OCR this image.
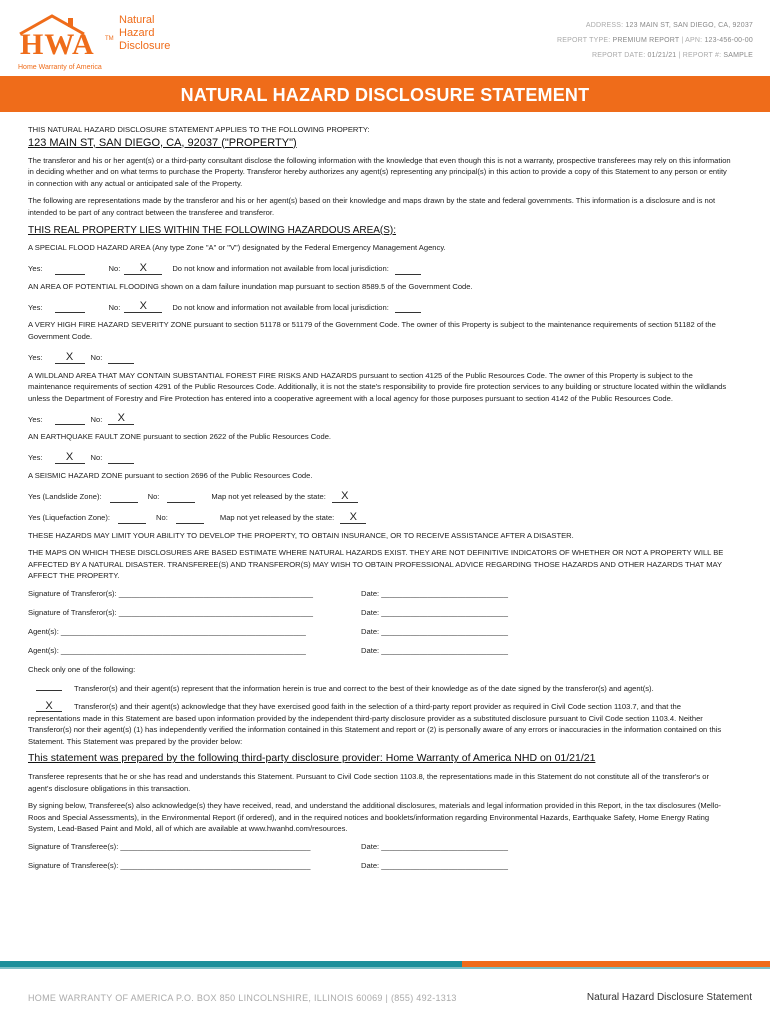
HWA TM
Natural
Hazard
Disclosure
Home Warranty of America
ADDRESS: 123 MAIN ST, SAN DIEGO, CA, 92037
REPORT TYPE: PREMIUM REPORT | APN: 123-456-00-00
REPORT DATE: 01/21/21 | REPORT #: SAMPLE
NATURAL HAZARD DISCLOSURE STATEMENT
THIS NATURAL HAZARD DISCLOSURE STATEMENT APPLIES TO THE FOLLOWING PROPERTY:
123 MAIN ST, SAN DIEGO, CA, 92037 ("PROPERTY")
The transferor and his or her agent(s) or a third-party consultant disclose the following information with the knowledge that even though this is not a warranty, prospective transferees may rely on this information in deciding whether and on what terms to purchase the Property. Transferor hereby authorizes any agent(s) representing any principal(s) in this action to provide a copy of this Statement to any person or entity in connection with any actual or anticipated sale of the Property.
The following are representations made by the transferor and his or her agent(s) based on their knowledge and maps drawn by the state and federal governments. This information is a disclosure and is not intended to be part of any contract between the transferee and transferor.
THIS REAL PROPERTY LIES WITHIN THE FOLLOWING HAZARDOUS AREA(S):
A SPECIAL FLOOD HAZARD AREA (Any type Zone "A" or "V") designated by the Federal Emergency Management Agency.
Yes:	No:	X	Do not know and information not available from local jurisdiction:
AN AREA OF POTENTIAL FLOODING shown on a dam failure inundation map pursuant to section 8589.5 of the Government Code.
Yes:	No:	X	Do not know and information not available from local jurisdiction:
A VERY HIGH FIRE HAZARD SEVERITY ZONE pursuant to section 51178 or 51179 of the Government Code. The owner of this Property is subject to the maintenance requirements of section 51182 of the Government Code.
Yes:	X	No:
A WILDLAND AREA THAT MAY CONTAIN SUBSTANTIAL FOREST FIRE RISKS AND HAZARDS pursuant to section 4125 of the Public Resources Code. The owner of this Property is subject to the maintenance requirements of section 4291 of the Public Resources Code. Additionally, it is not the state's responsibility to provide fire protection services to any building or structure located within the wildlands unless the Department of Forestry and Fire Protection has entered into a cooperative agreement with a local agency for those purposes pursuant to section 4142 of the Public Resources Code.
Yes:	No:	X
AN EARTHQUAKE FAULT ZONE pursuant to section 2622 of the Public Resources Code.
Yes:	X	No:
A SEISMIC HAZARD ZONE pursuant to section 2696 of the Public Resources Code.
Yes (Landslide Zone):	No:	Map not yet released by the state:	X
Yes (Liquefaction Zone):	No:	Map not yet released by the state:	X
THESE HAZARDS MAY LIMIT YOUR ABILITY TO DEVELOP THE PROPERTY, TO OBTAIN INSURANCE, OR TO RECEIVE ASSISTANCE AFTER A DISASTER.
THE MAPS ON WHICH THESE DISCLOSURES ARE BASED ESTIMATE WHERE NATURAL HAZARDS EXIST. THEY ARE NOT DEFINITIVE INDICATORS OF WHETHER OR NOT A PROPERTY WILL BE AFFECTED BY A NATURAL DISASTER. TRANSFEREE(S) AND TRANSFEROR(S) MAY WISH TO OBTAIN PROFESSIONAL ADVICE REGARDING THOSE HAZARDS AND OTHER HAZARDS THAT MAY AFFECT THE PROPERTY.
Signature of Transferor(s): ______________________________________________	Date: ______________________________
Signature of Transferor(s): ______________________________________________	Date: ______________________________
Agent(s): __________________________________________________________	Date: ______________________________
Agent(s): __________________________________________________________	Date: ______________________________
Check only one of the following:
Transferor(s) and their agent(s) represent that the information herein is true and correct to the best of their knowledge as of the date signed by the transferor(s) and agent(s).
X	Transferor(s) and their agent(s) acknowledge that they have exercised good faith in the selection of a third-party report provider as required in Civil Code section 1103.7, and that the representations made in this Statement are based upon information provided by the independent third-party disclosure provider as a substituted disclosure pursuant to Civil Code section 1103.4. Neither Transferor(s) nor their agent(s) (1) has independently verified the information contained in this Statement and report or (2) is personally aware of any errors or inaccuracies in the information contained on this Statement. This Statement was prepared by the provider below:
This statement was prepared by the following third-party disclosure provider: Home Warranty of America NHD on 01/21/21
Transferee represents that he or she has read and understands this Statement. Pursuant to Civil Code section 1103.8, the representations made in this Statement do not constitute all of the transferor's or agent's disclosure obligations in this transaction.
By signing below, Transferee(s) also acknowledge(s) they have received, read, and understand the additional disclosures, materials and legal information provided in this Report, in the tax disclosures (Mello-Roos and Special Assessments), in the Environmental Report (if ordered), and in the required notices and booklets/information regarding Environmental Hazards, Earthquake Safety, Home Energy Rating System, Lead-Based Paint and Mold, all of which are available at www.hwanhd.com/resources.
Signature of Transferee(s): _____________________________________________	Date: ______________________________
Signature of Transferee(s): _____________________________________________	Date: ______________________________
HOME WARRANTY OF AMERICA P.O. BOX 850 LINCOLNSHIRE, ILLINOIS 60069 | (855) 492-1313	Natural Hazard Disclosure Statement
